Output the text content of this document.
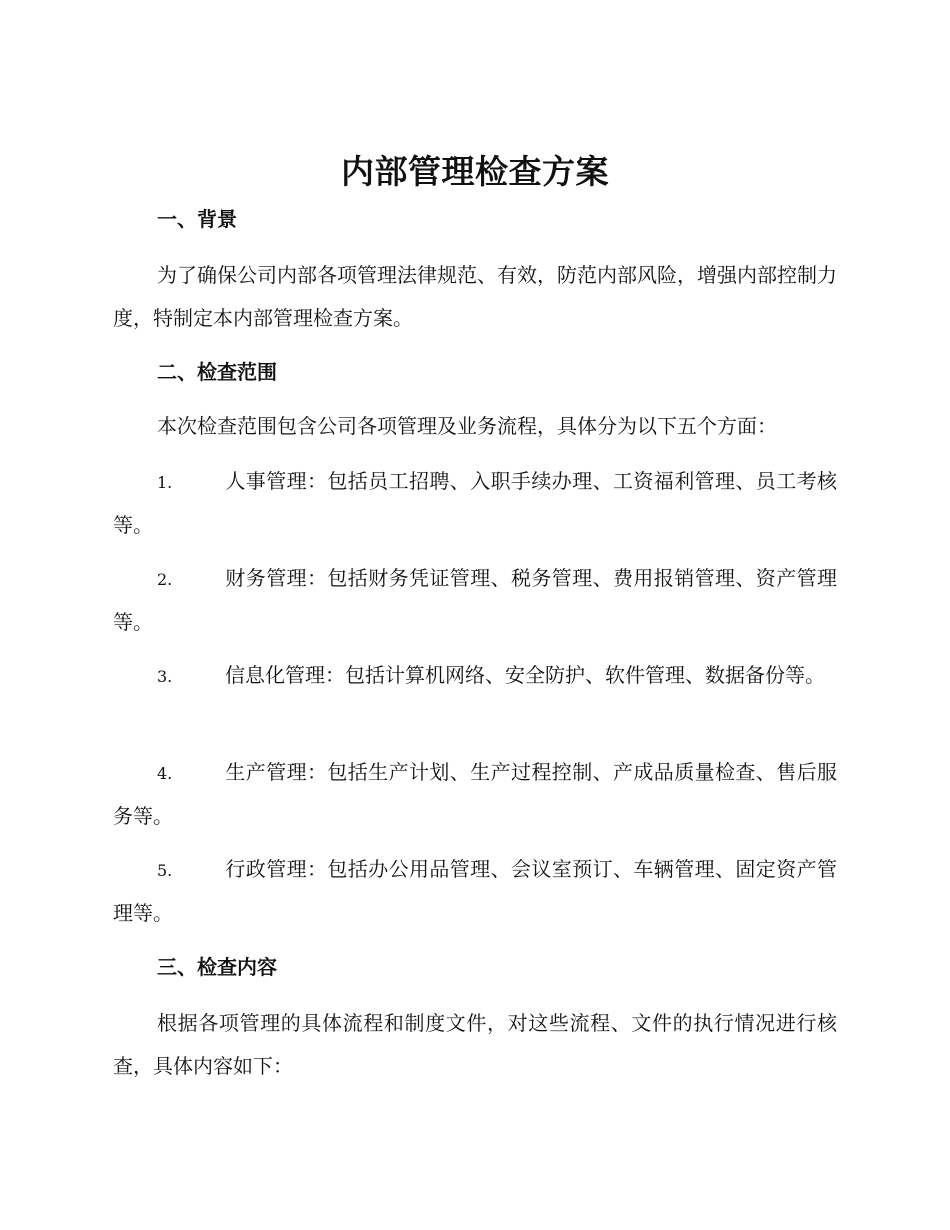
内部管理检查方案
一、背景

为了确保公司内部各项管理法律规范、有效，防范内部风险，增强内部控制力度，特制定本内部管理检查方案。

二、检查范围

本次检查范围包含公司各项管理及业务流程，具体分为以下五个方面：

1.	人事管理：包括员工招聘、入职手续办理、工资福利管理、员工考核等。

2.	财务管理：包括财务凭证管理、税务管理、费用报销管理、资产管理等。

3.	信息化管理：包括计算机网络、安全防护、软件管理、数据备份等。

4.	生产管理：包括生产计划、生产过程控制、产成品质量检查、售后服务等。

5.	行政管理：包括办公用品管理、会议室预订、车辆管理、固定资产管理等。

三、检查内容

根据各项管理的具体流程和制度文件，对这些流程、文件的执行情况进行核查，具体内容如下：
